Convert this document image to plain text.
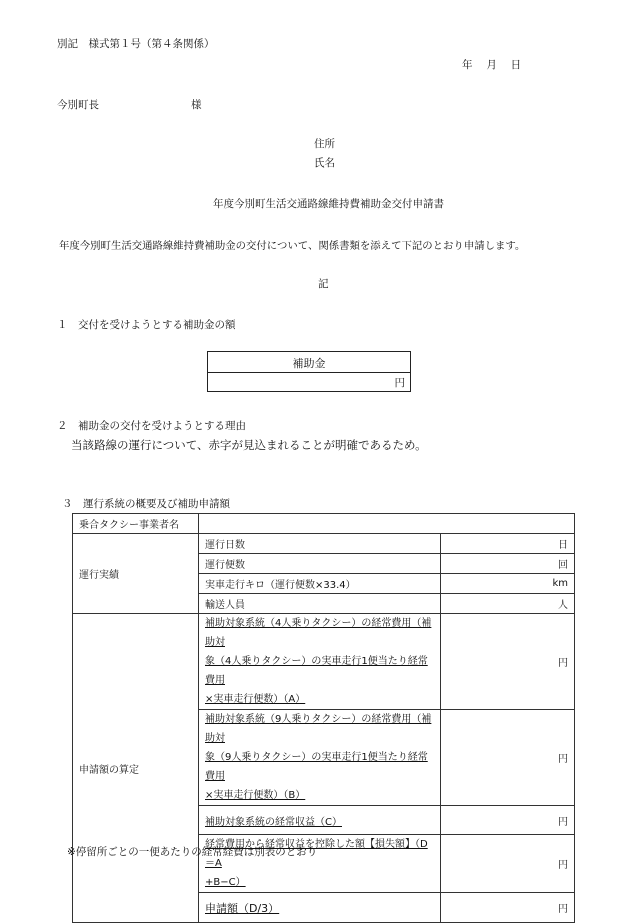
別記　様式第１号（第４条関係）
年　 月　 日
今別町長	様
住所
氏名
年度今別町生活交通路線維持費補助金交付申請書
年度今別町生活交通路線維持費補助金の交付について、関係書類を添えて下記のとおり申請します。
記
１　交付を受けようとする補助金の額
補助金
円
２　補助金の交付を受けようとする理由
当該路線の運行について、赤字が見込まれることが明確であるため。
３　運行系統の概要及び補助申請額
乗合タクシー事業者名		
運行実績	運行日数	日
	運行便数	回
	実車走行キロ（運行便数×33.4）	km
	輸送人員	人
申請額の算定	補助対象系統（4人乗りタクシー）の経常費用（補助対
象（4人乗りタクシー）の実車走行1便当たり経常費用
×実車走行便数）（A）	円
	補助対象系統（9人乗りタクシー）の経常費用（補助対
象（9人乗りタクシー）の実車走行1便当たり経常費用
×実車走行便数）（B）	円
	補助対象系統の経常収益（C）	円
	経常費用から経常収益を控除した額【損失額】（D＝A
+B−C）	円
	申請額（D/3）	円
※停留所ごとの一便あたりの経常経費は別表のとおり
